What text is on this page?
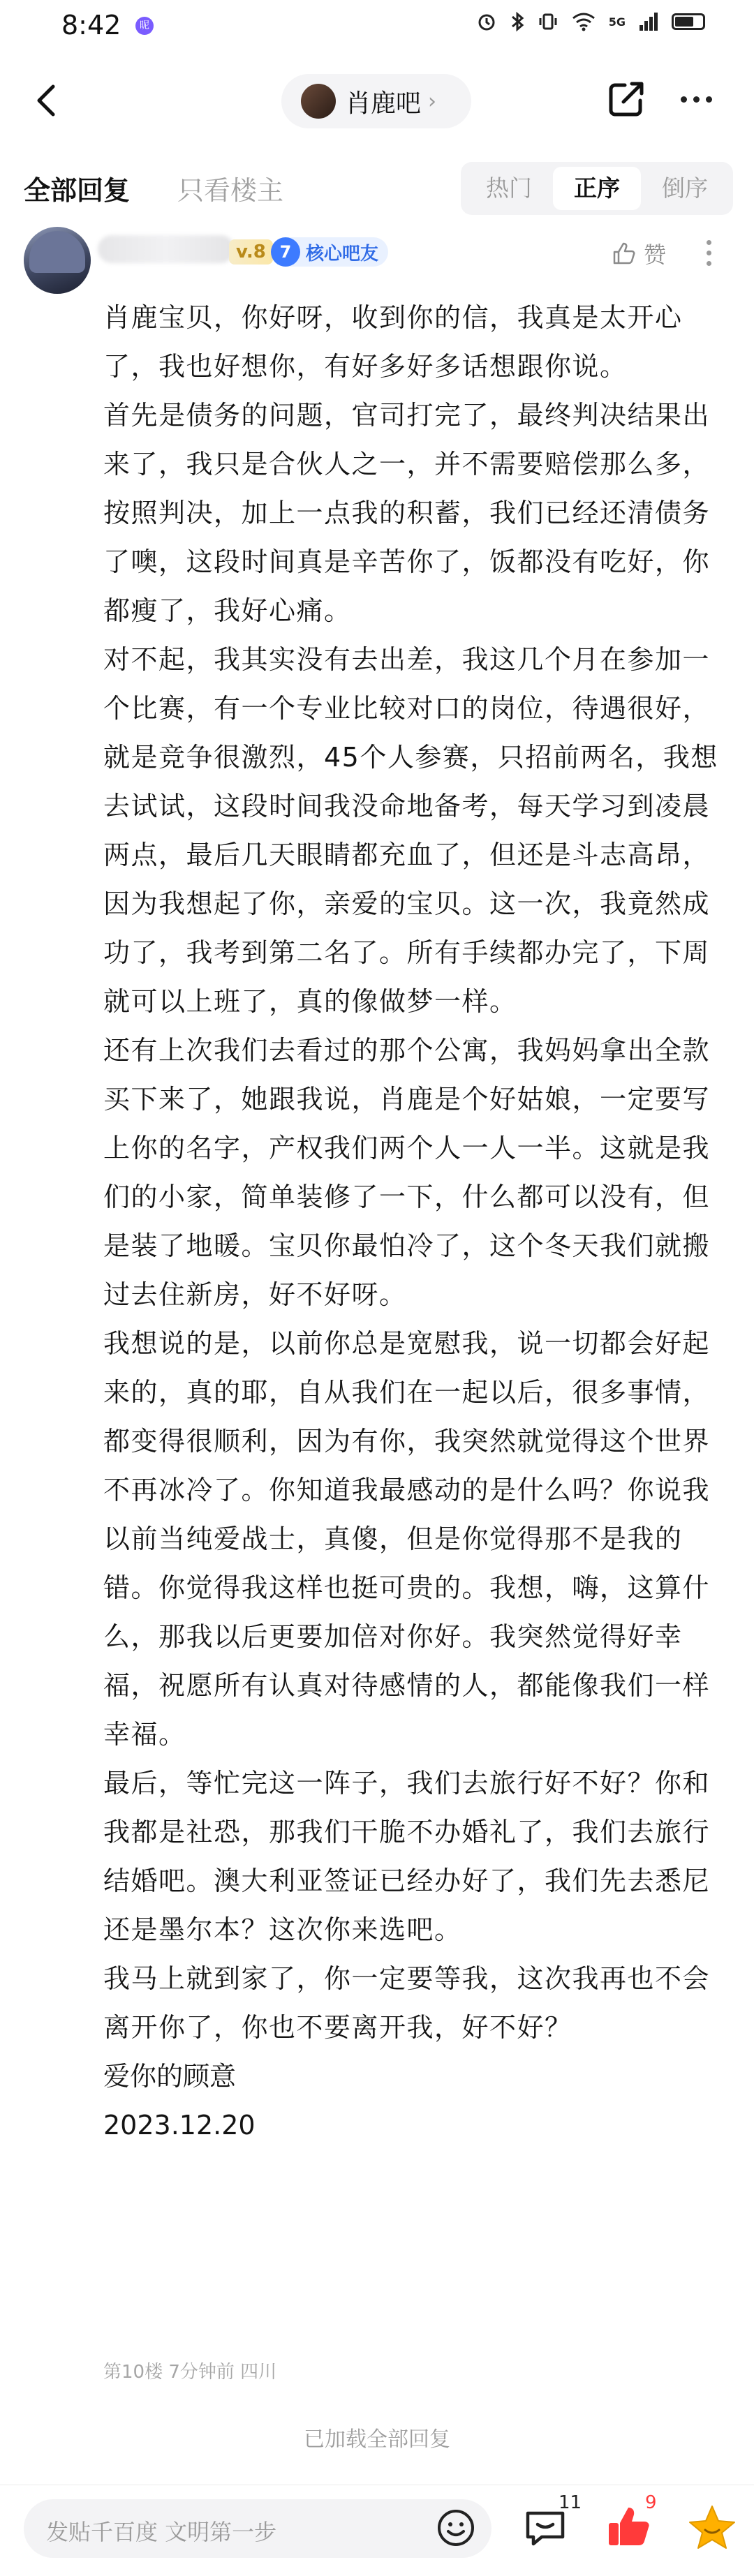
8:42	昵	5G
肖鹿吧 ›
全部回复 只看楼主	热门	正序	倒序
v.8 7 核心吧友	赞

肖鹿宝贝，你好呀，收到你的信，我真是太开心了，我也好想你，有好多好多话想跟你说。

首先是债务的问题，官司打完了，最终判决结果出来了，我只是合伙人之一，并不需要赔偿那么多，按照判决，加上一点我的积蓄，我们已经还清债务了噢，这段时间真是辛苦你了，饭都没有吃好，你都瘦了，我好心痛。

对不起，我其实没有去出差，我这几个月在参加一个比赛，有一个专业比较对口的岗位，待遇很好，就是竞争很激烈，45个人参赛，只招前两名，我想去试试，这段时间我没命地备考，每天学习到凌晨两点，最后几天眼睛都充血了，但还是斗志高昂，因为我想起了你，亲爱的宝贝。这一次，我竟然成功了，我考到第二名了。所有手续都办完了，下周就可以上班了，真的像做梦一样。

还有上次我们去看过的那个公寓，我妈妈拿出全款买下来了，她跟我说，肖鹿是个好姑娘，一定要写上你的名字，产权我们两个人一人一半。这就是我们的小家，简单装修了一下，什么都可以没有，但是装了地暖。宝贝你最怕冷了，这个冬天我们就搬过去住新房，好不好呀。

我想说的是，以前你总是宽慰我，说一切都会好起来的，真的耶，自从我们在一起以后，很多事情，都变得很顺利，因为有你，我突然就觉得这个世界不再冰冷了。你知道我最感动的是什么吗？你说我以前当纯爱战士，真傻，但是你觉得那不是我的错。你觉得我这样也挺可贵的。我想，嗨，这算什么，那我以后更要加倍对你好。我突然觉得好幸福，祝愿所有认真对待感情的人，都能像我们一样幸福。

最后，等忙完这一阵子，我们去旅行好不好？你和我都是社恐，那我们干脆不办婚礼了，我们去旅行结婚吧。澳大利亚签证已经办好了，我们先去悉尼还是墨尔本？这次你来选吧。

我马上就到家了，你一定要等我，这次我再也不会离开你了，你也不要离开我，好不好？

爱你的顾意
2023.12.20
第10楼 7分钟前 四川
已加载全部回复
发贴千百度 文明第一步
11	9
